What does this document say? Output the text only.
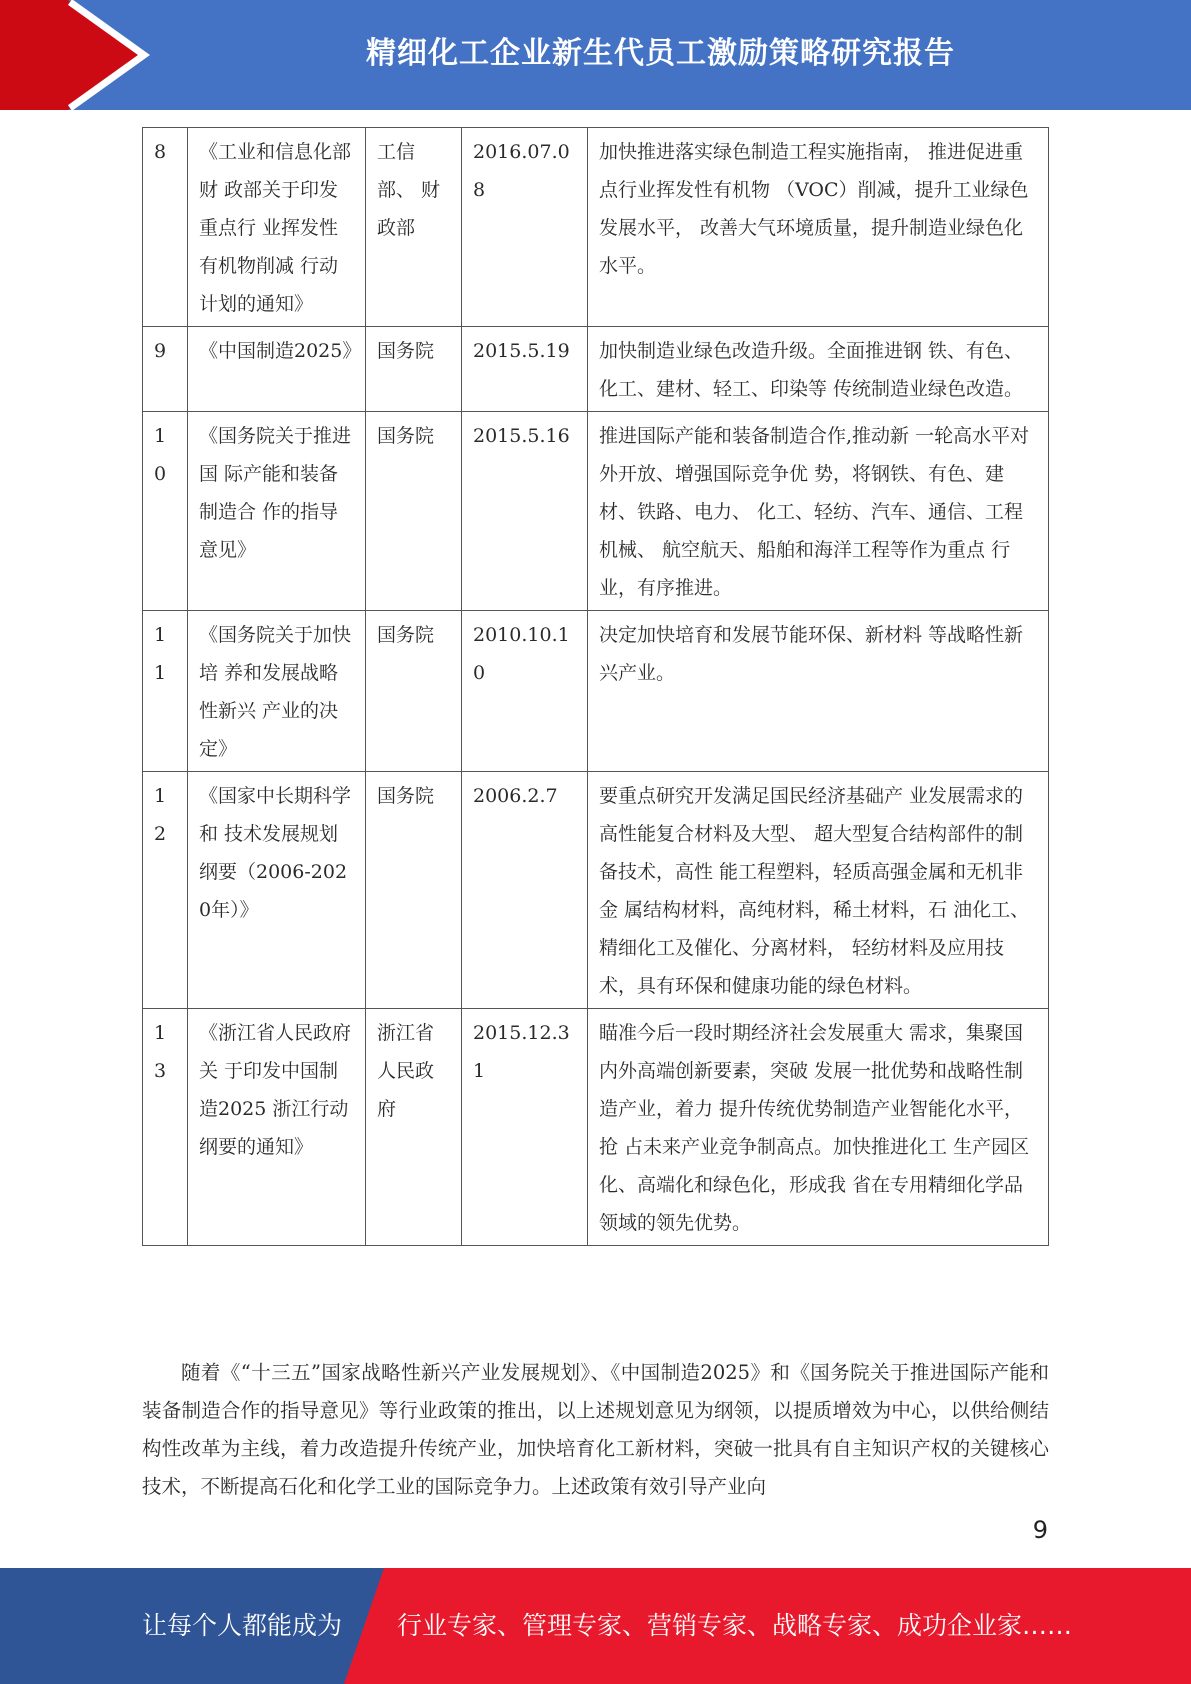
精细化工企业新生代员工激励策略研究报告
8	《工业和信息化部财 政部关于印发重点行 业挥发性有机物削减 行动计划的通知》	工信部、 财政部	2016.07.08	加快推进落实绿色制造工程实施指南， 推进促进重点行业挥发性有机物 （VOC）削减，提升工业绿色发展水平， 改善大气环境质量，提升制造业绿色化 水平。
9	《中国制造2025》	国务院	2015.5.19	加快制造业绿色改造升级。全面推进钢 铁、有色、化工、建材、轻工、印染等 传统制造业绿色改造。
10	《国务院关于推进国 际产能和装备制造合 作的指导意见》	国务院	2015.5.16	推进国际产能和装备制造合作,推动新 一轮高水平对外开放、增强国际竞争优 势，将钢铁、有色、建材、铁路、电力、 化工、轻纺、汽车、通信、工程机械、 航空航天、船舶和海洋工程等作为重点 行业，有序推进。
11	《国务院关于加快培 养和发展战略性新兴 产业的决定》	国务院	2010.10.10	决定加快培育和发展节能环保、新材料 等战略性新兴产业。
12	《国家中长期科学和 技术发展规划纲要（2006-2020年）》	国务院	2006.2.7	要重点研究开发满足国民经济基础产 业发展需求的高性能复合材料及大型、 超大型复合结构部件的制备技术，高性 能工程塑料，轻质高强金属和无机非金 属结构材料，高纯材料，稀土材料，石 油化工、精细化工及催化、分离材料， 轻纺材料及应用技术，具有环保和健康功能的绿色材料。
13	《浙江省人民政府关 于印发中国制造2025 浙江行动纲要的通知》	浙江省人民政府	2015.12.31	瞄准今后一段时期经济社会发展重大 需求，集聚国内外高端创新要素，突破 发展一批优势和战略性制造产业，着力 提升传统优势制造产业智能化水平，抢 占未来产业竞争制高点。加快推进化工 生产园区化、高端化和绿色化，形成我 省在专用精细化学品领域的领先优势。

随着《“十三五”国家战略性新兴产业发展规划》、《中国制造2025》和《国务院关于推进国际产能和装备制造合作的指导意见》等行业政策的推出，以上述规划意见为纲领，以提质增效为中心，以供给侧结构性改革为主线，着力改造提升传统产业，加快培育化工新材料，突破一批具有自主知识产权的关键核心技术，不断提高石化和化学工业的国际竞争力。上述政策有效引导产业向

9
让每个人都能成为 行业专家、管理专家、营销专家、战略专家、成功企业家……
